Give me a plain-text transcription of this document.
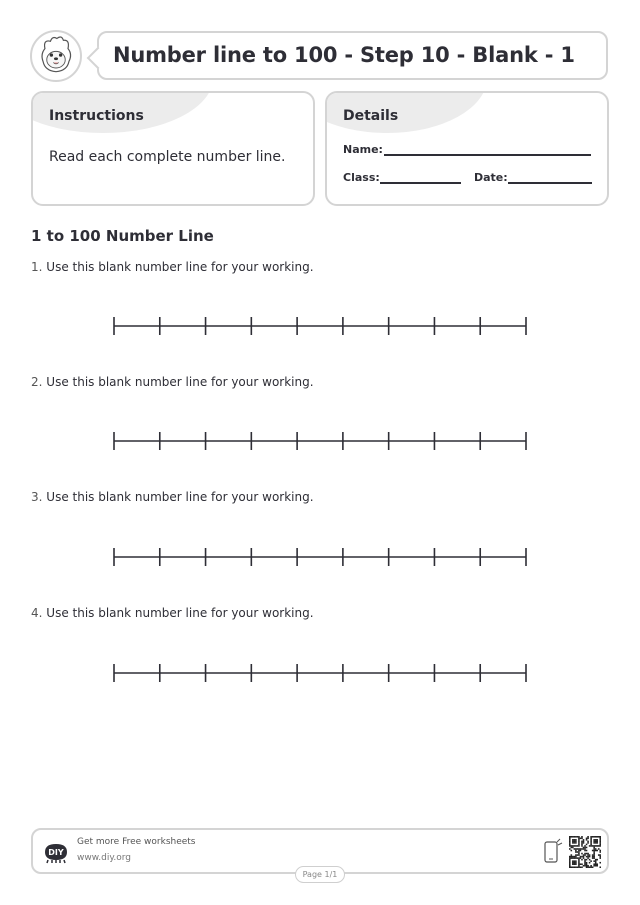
Number line to 100 - Step 10 - Blank - 1
Instructions
Read each complete number line.
Details
Name:
Class:	Date:
1 to 100 Number Line
1. Use this blank number line for your working.
2. Use this blank number line for your working.
3. Use this blank number line for your working.
4. Use this blank number line for your working.
DIY
Get more Free worksheets
www.diy.org
Page 1/1
